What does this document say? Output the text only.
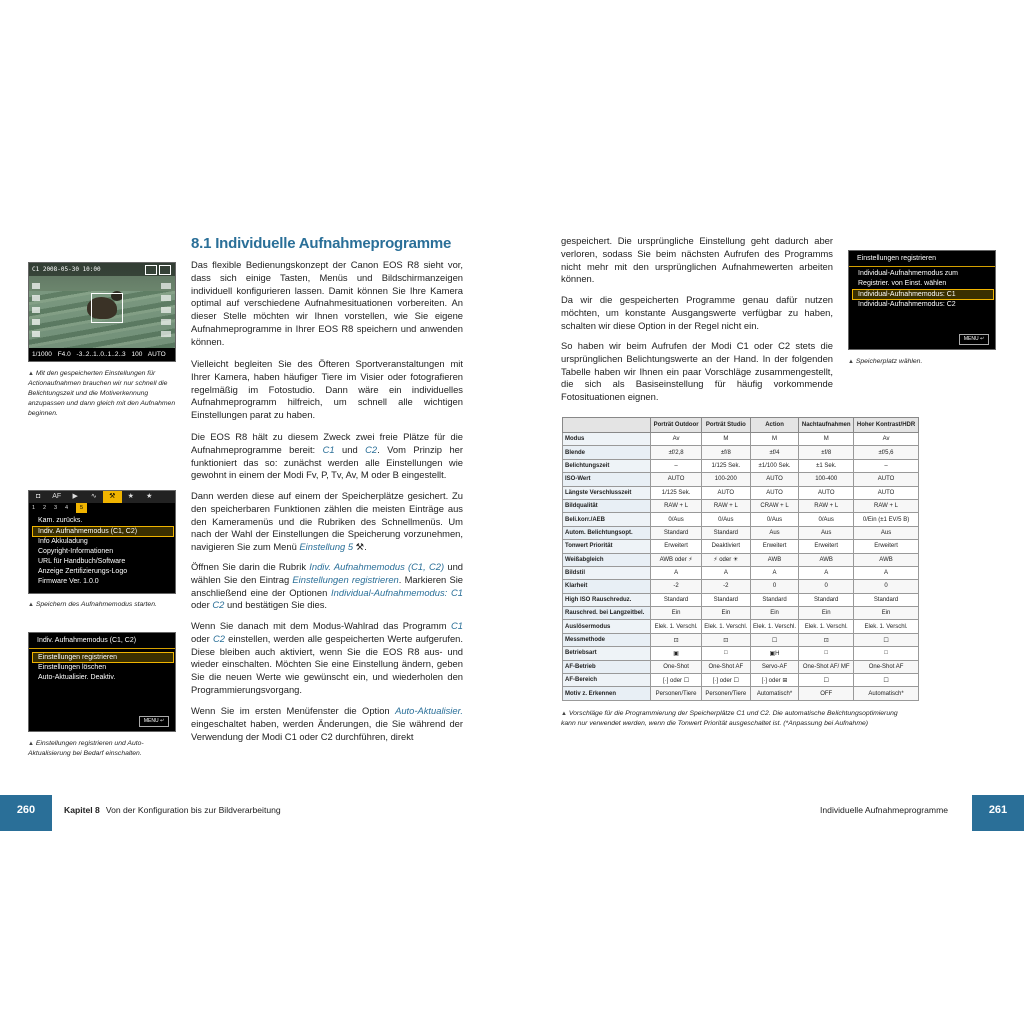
C1 2008-05-30 10:00
1/1000 F4.0 -3..2..1..0..1..2..3 100 AUTO
▲ Mit den gespeicherten Einstellungen für Actionaufnahmen brauchen wir nur schnell die Belichtungszeit und die Motiverkennung anzupassen und dann gleich mit den Aufnahmen beginnen.
◘	AF	▶	∿	⚒	★	★
1	2	3	4	5
Kam. zurücks.
Indiv. Aufnahmemodus (C1, C2)
Info Akkuladung
Copyright-Informationen
URL für Handbuch/Software
Anzeige Zertifizierungs-Logo
Firmware Ver. 1.0.0
▲ Speichern des Aufnahmemodus starten.
Indiv. Aufnahmemodus (C1, C2)
Einstellungen registrieren
Einstellungen löschen
Auto-Aktualisier. Deaktiv.
MENU ↵
▲ Einstellungen registrieren und Auto-Aktualisierung bei Bedarf einschalten.
8.1 Individuelle Aufnahmeprogramme
Das flexible Bedienungskonzept der Canon EOS R8 sieht vor, dass sich einige Tasten, Menüs und Bildschirmanzeigen individuell konfigurieren lassen. Damit können Sie Ihre Kamera optimal auf verschiedene Aufnahmesituationen vorbereiten. An dieser Stelle möchten wir Ihnen vorstellen, wie Sie eigene Aufnahmeprogramme in Ihrer EOS R8 speichern und anwenden können.
Vielleicht begleiten Sie des Öfteren Sportveranstaltungen mit Ihrer Kamera, haben häufiger Tiere im Visier oder fotografieren regelmäßig im Fotostudio. Dann wäre ein individuelles Aufnahmeprogramm hilfreich, um schnell alle wichtigen Einstellungen parat zu haben.
Die EOS R8 hält zu diesem Zweck zwei freie Plätze für die Aufnahmeprogramme bereit: C1 und C2. Vom Prinzip her funktioniert das so: zunächst werden alle Einstellungen wie gewohnt in einem der Modi Fv, P, Tv, Av, M oder B eingestellt.
Dann werden diese auf einem der Speicherplätze gesichert. Zu den speicherbaren Funktionen zählen die meisten Einträge aus den Kameramenüs und die Rubriken des Schnellmenüs. Um nach der Wahl der Einstellungen die Speicherung vorzunehmen, navigieren Sie zum Menü Einstellung 5 ⚒.
Öffnen Sie darin die Rubrik Indiv. Aufnahmemodus (C1, C2) und wählen Sie den Eintrag Einstellungen registrieren. Markieren Sie anschließend eine der Optionen Individual-Aufnahmemodus: C1 oder C2 und bestätigen Sie dies.
Wenn Sie danach mit dem Modus-Wahlrad das Programm C1 oder C2 einstellen, werden alle gespeicherten Werte aufgerufen. Diese bleiben auch aktiviert, wenn Sie die EOS R8 aus- und wieder einschalten. Möchten Sie eine Einstellung ändern, geben Sie die neuen Werte wie gewünscht ein, und wiederholen den Programmierungsvorgang.
Wenn Sie im ersten Menüfenster die Option Auto-Aktualisier. eingeschaltet haben, werden Änderungen, die Sie während der Verwendung der Modi C1 oder C2 durchführen, direkt
260	Kapitel 8 Von der Konfiguration bis zur Bildverarbeitung
gespeichert. Die ursprüngliche Einstellung geht dadurch aber verloren, sodass Sie beim nächsten Aufrufen des Programms nicht mehr mit den ursprünglichen Aufnahmewerten arbeiten können.
Da wir die gespeicherten Programme genau dafür nutzen möchten, um konstante Ausgangswerte verfügbar zu haben, schalten wir diese Option in der Regel nicht ein.
So haben wir beim Aufrufen der Modi C1 oder C2 stets die ursprünglichen Belichtungswerte an der Hand. In der folgenden Tabelle haben wir Ihnen ein paar Vorschläge zusammengestellt, die sich als Basiseinstellung für häufig vorkommende Fotosituationen eignen.
Einstellungen registrieren
Individual-Aufnahmemodus zum
Registrier. von Einst. wählen
Individual-Aufnahmemodus: C1
Individual-Aufnahmemodus: C2
MENU ↵
▲ Speicherplatz wählen.
	Porträt Outdoor	Porträt Studio	Action	Nachtaufnahmen	Hoher Kontrast/HDR
Modus	Av	M	M	M	Av
Blende	±f/2,8	±f/8	±f/4	±f/8	±f/5,6
Belichtungszeit	–	1/125 Sek.	±1/100 Sek.	±1 Sek.	–
ISO-Wert	AUTO	100-200	AUTO	100-400	AUTO
Längste Verschlusszeit	1/125 Sek.	AUTO	AUTO	AUTO	AUTO
Bildqualität	RAW + L	RAW + L	CRAW + L	RAW + L	RAW + L
Beli.korr./AEB	0/Aus	0/Aus	0/Aus	0/Aus	0/Ein (±1 EV/5 B)
Autom. Belichtungsopt.	Standard	Standard	Aus	Aus	Aus
Tonwert Priorität	Erweitert	Deaktiviert	Erweitert	Erweitert	Erweitert
Weißabgleich	AWB oder ⚡	⚡ oder ☀	AWB	AWB	AWB
Bildstil	A	A	A	A	A
Klarheit	-2	-2	0	0	0
High ISO Rauschreduz.	Standard	Standard	Standard	Standard	Standard
Rauschred. bei Langzeitbel.	Ein	Ein	Ein	Ein	Ein
Auslösermodus	Elek. 1. Verschl.	Elek. 1. Verschl.	Elek. 1. Verschl.	Elek. 1. Verschl.	Elek. 1. Verschl.
Messmethode	⊡	⊡	☐	⊡	☐
Betriebsart	▣	□	▣H	□	□
AF-Betrieb	One-Shot	One-Shot AF	Servo-AF	One-Shot AF/ MF	One-Shot AF
AF-Bereich	[·] oder ☐	[·] oder ☐	[·] oder ⊞	☐	☐
Motiv z. Erkennen	Personen/Tiere	Personen/Tiere	Automatisch*	OFF	Automatisch*
▲ Vorschläge für die Programmierung der Speicherplätze C1 und C2. Die automatische Belichtungsoptimierung kann nur verwendet werden, wenn die Tonwert Priorität ausgeschaltet ist. (*Anpassung bei Aufnahme)
Individuelle Aufnahmeprogramme	261
